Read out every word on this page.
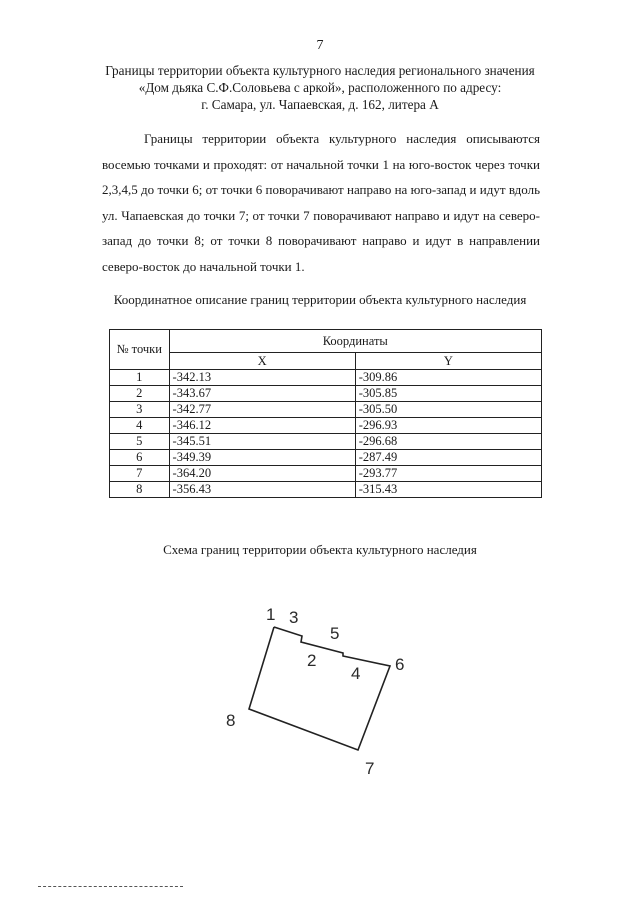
7
Границы территории объекта культурного наследия регионального значения
«Дом дьяка С.Ф.Соловьева с аркой», расположенного по адресу:
г. Самара, ул. Чапаевская, д. 162, литера А

Границы территории объекта культурного наследия описываются восемью точками и проходят: от начальной точки 1 на юго-восток через точки 2,3,4,5 до точки 6; от точки 6 поворачивают направо на юго-запад и идут вдоль ул. Чапаевская до точки 7; от точки 7 поворачивают направо и идут на северо-запад до точки 8; от точки 8 поворачивают направо и идут в направлении северо-восток до начальной точки 1.

Координатное описание границ территории объекта культурного наследия
№ точки	Координаты	
	X	Y
1	-342.13	-309.86
2	-343.67	-305.85
3	-342.77	-305.50
4	-346.12	-296.93
5	-345.51	-296.68
6	-349.39	-287.49
7	-364.20	-293.77
8	-356.43	-315.43
Схема границ территории объекта культурного наследия
1
2
3
4
5
6
7
8
